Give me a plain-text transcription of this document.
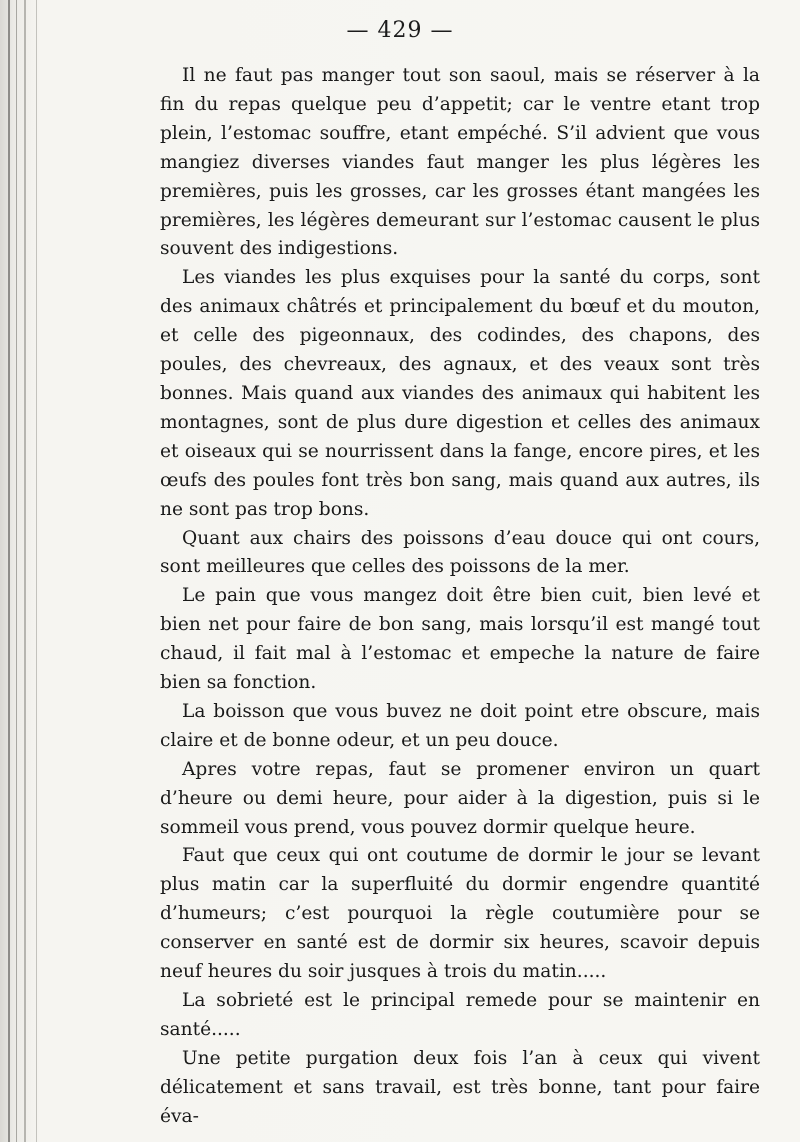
— 429 —

Il ne faut pas manger tout son saoul, mais se réserver à la fin du repas quelque peu d’appetit; car le ventre etant trop plein, l’estomac souffre, etant empéché. S’il advient que vous mangiez diverses viandes faut manger les plus légères les premières, puis les grosses, car les grosses étant mangées les premières, les légères demeurant sur l’estomac causent le plus souvent des indigestions.

Les viandes les plus exquises pour la santé du corps, sont des animaux châtrés et principalement du bœuf et du mouton, et celle des pigeonnaux, des codindes, des chapons, des poules, des chevreaux, des agnaux, et des veaux sont très bonnes. Mais quand aux viandes des animaux qui habitent les montagnes, sont de plus dure digestion et celles des animaux et oiseaux qui se nourrissent dans la fange, encore pires, et les œufs des poules font très bon sang, mais quand aux autres, ils ne sont pas trop bons.

Quant aux chairs des poissons d’eau douce qui ont cours, sont meilleures que celles des poissons de la mer.

Le pain que vous mangez doit être bien cuit, bien levé et bien net pour faire de bon sang, mais lorsqu’il est mangé tout chaud, il fait mal à l’estomac et empeche la nature de faire bien sa fonction.

La boisson que vous buvez ne doit point etre obscure, mais claire et de bonne odeur, et un peu douce.

Apres votre repas, faut se promener environ un quart d’heure ou demi heure, pour aider à la digestion, puis si le sommeil vous prend, vous pouvez dormir quelque heure.

Faut que ceux qui ont coutume de dormir le jour se levant plus matin car la superfluité du dormir engendre quantité d’humeurs; c’est pourquoi la règle coutumière pour se conserver en santé est de dormir six heures, scavoir depuis neuf heures du soir jusques à trois du matin.....

La sobrieté est le principal remede pour se maintenir en santé.....

Une petite purgation deux fois l’an à ceux qui vivent délicatement et sans travail, est très bonne, tant pour faire éva-
